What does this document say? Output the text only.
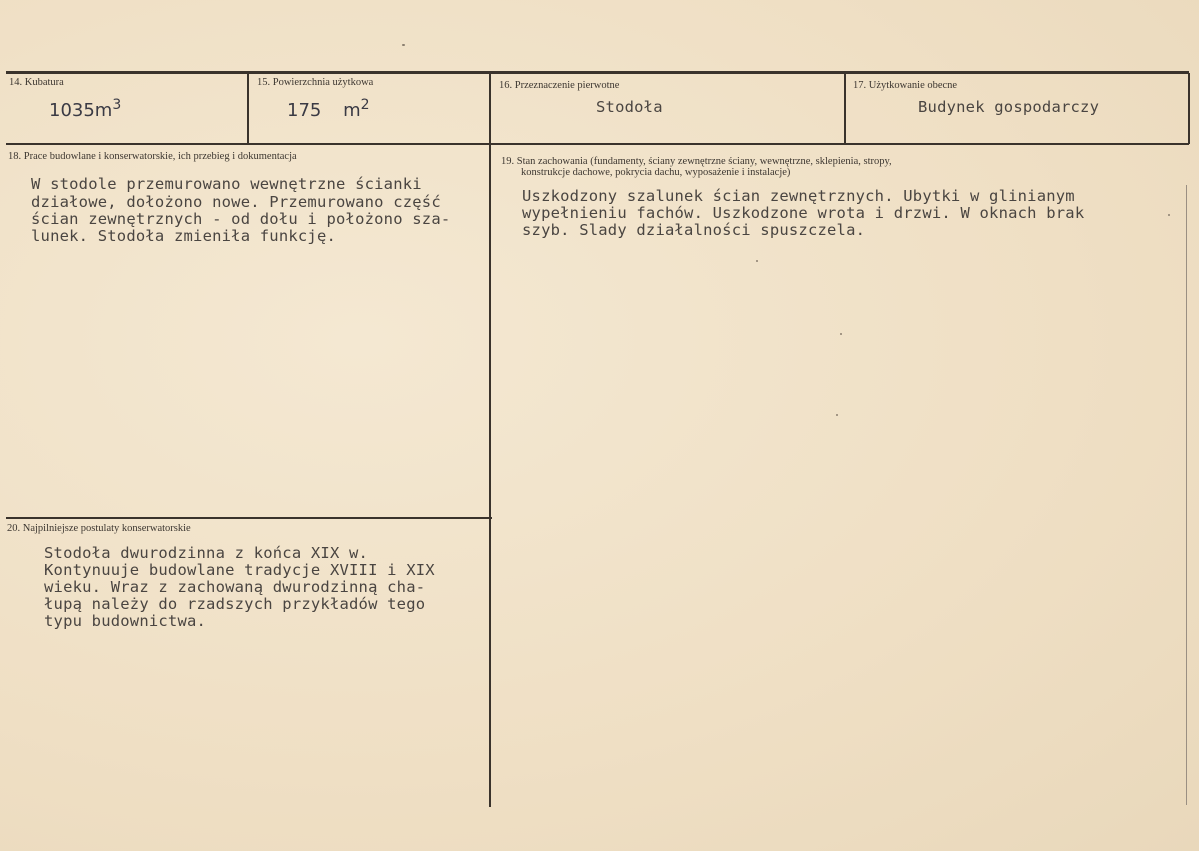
14. Kubatura
$1035m^3$
15. Powierzchnia użytkowa
175 $m^2$
16. Przeznaczenie pierwotne
Stodoła
17. Użytkowanie obecne
Budynek gospodarczy
18. Prace budowlane i konserwatorskie, ich przebieg i dokumentacja
W stodole przemurowano wewnętrzne ścianki
działowe, dołożono nowe. Przemurowano część
ścian zewnętrznych - od dołu i położono sza-
lunek. Stodoła zmieniła funkcję.
19. Stan zachowania (fundamenty, ściany zewnętrzne ściany, wewnętrzne, sklepienia, stropy,
konstrukcje dachowe, pokrycia dachu, wyposażenie i instalacje)
Uszkodzony szalunek ścian zewnętrznych. Ubytki w glinianym
wypełnieniu fachów. Uszkodzone wrota i drzwi. W oknach brak
szyb. Slady działalności spuszczela.
20. Najpilniejsze postulaty konserwatorskie
Stodoła dwurodzinna z końca XIX w.
Kontynuuje budowlane tradycje XVIII i XIX
wieku. Wraz z zachowaną dwurodzinną cha-
łupą należy do rzadszych przykładów tego
typu budownictwa.
